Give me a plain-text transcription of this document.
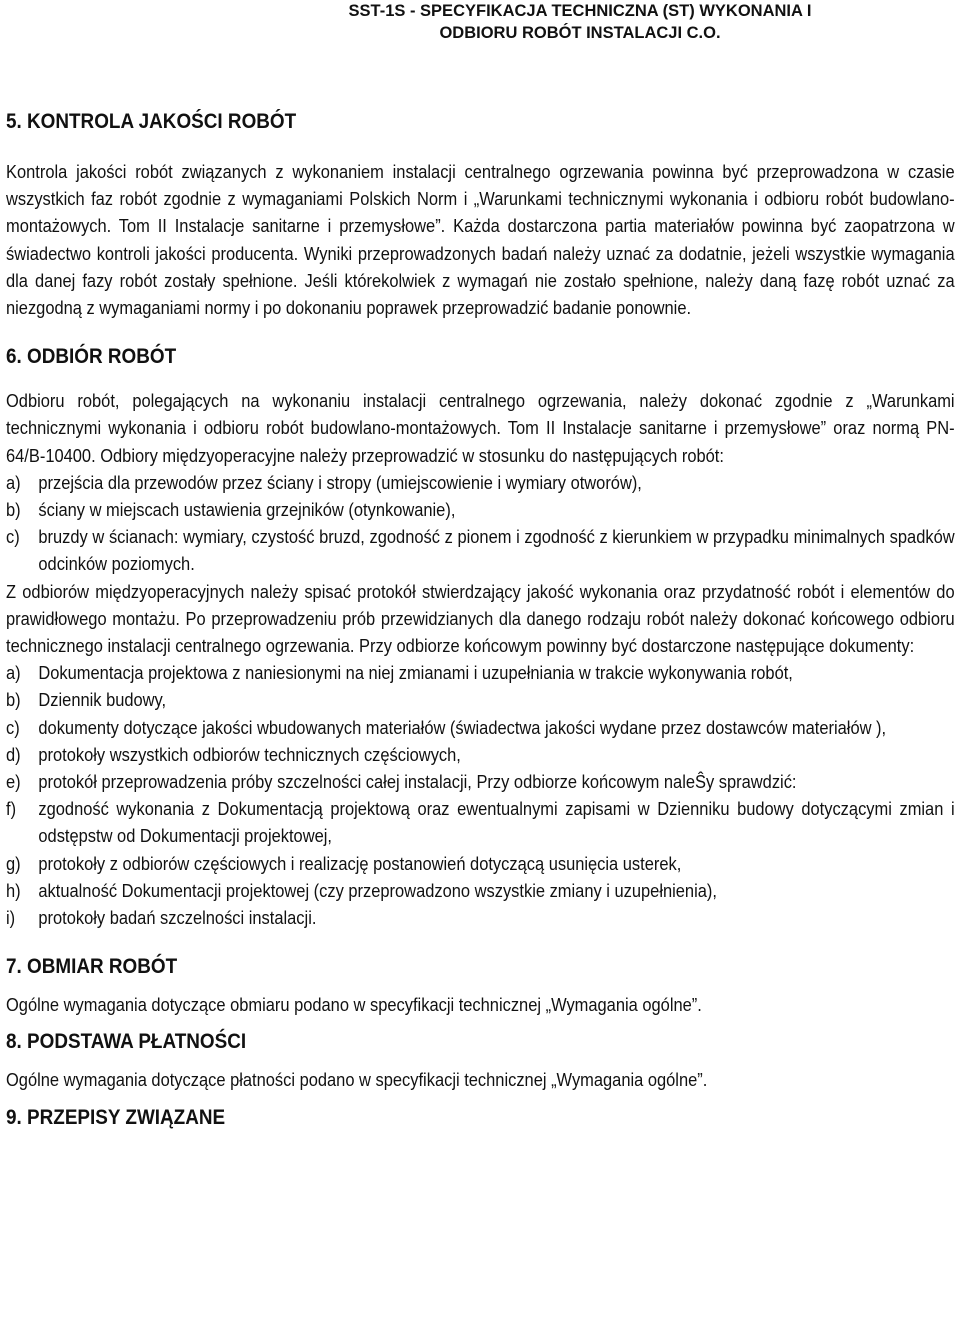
SST-1S - SPECYFIKACJA TECHNICZNA (ST) WYKONANIA I
ODBIORU ROBÓT INSTALACJI C.O.
5. KONTROLA JAKOŚCI ROBÓT

Kontrola jakości robót związanych z wykonaniem instalacji centralnego ogrzewania powinna być przeprowadzona w czasie wszystkich faz robót zgodnie z wymaganiami Polskich Norm i „Warunkami technicznymi wykonania i odbioru robót budowlano-montażowych. Tom II Instalacje sanitarne i przemysłowe”. Każda dostarczona partia materiałów powinna być zaopatrzona w świadectwo kontroli jakości producenta. Wyniki przeprowadzonych badań należy uznać za dodatnie, jeżeli wszystkie wymagania dla danej fazy robót zostały spełnione. Jeśli którekolwiek z wymagań nie zostało spełnione, należy daną fazę robót uznać za niezgodną z wymaganiami normy i po dokonaniu poprawek przeprowadzić badanie ponownie.

6. ODBIÓR ROBÓT

Odbioru robót, polegających na wykonaniu instalacji centralnego ogrzewania, należy dokonać zgodnie z „Warunkami technicznymi wykonania i odbioru robót budowlano-montażowych. Tom II Instalacje sanitarne i przemysłowe” oraz normą PN-64/B-10400. Odbiory międzyoperacyjne należy przeprowadzić w stosunku do następujących robót:

a) przejścia dla przewodów przez ściany i stropy (umiejscowienie i wymiary otworów),
b) ściany w miejscach ustawienia grzejników (otynkowanie),
c)	bruzdy w ścianach: wymiary, czystość bruzd, zgodność z pionem i zgodność z kierunkiem w przypadku minimalnych spadków odcinków poziomych.

Z odbiorów międzyoperacyjnych należy spisać protokół stwierdzający jakość wykonania oraz przydatność robót i elementów do prawidłowego montażu. Po przeprowadzeniu prób przewidzianych dla danego rodzaju robót należy dokonać końcowego odbioru technicznego instalacji centralnego ogrzewania. Przy odbiorze końcowym powinny być dostarczone następujące dokumenty:

a) Dokumentacja projektowa z naniesionymi na niej zmianami i uzupełniania w trakcie wykonywania robót,
b) Dziennik budowy,
c)	dokumenty dotyczące jakości wbudowanych materiałów (świadectwa jakości wydane przez dostawców materiałów ),
d) protokoły wszystkich odbiorów technicznych częściowych,
e) protokół przeprowadzenia próby szczelności całej instalacji, Przy odbiorze końcowym naleŜy sprawdzić:
f)	zgodność wykonania z Dokumentacją projektową oraz ewentualnymi zapisami w Dzienniku budowy dotyczącymi zmian i odstępstw od Dokumentacji projektowej,
g) protokoły z odbiorów częściowych i realizację postanowień dotyczącą usunięcia usterek,
h) aktualność Dokumentacji projektowej (czy przeprowadzono wszystkie zmiany i uzupełnienia),
i)	protokoły badań szczelności instalacji.
7. OBMIAR ROBÓT

Ogólne wymagania dotyczące obmiaru podano w specyfikacji technicznej „Wymagania ogólne”.

8. PODSTAWA PŁATNOŚCI

Ogólne wymagania dotyczące płatności podano w specyfikacji technicznej „Wymagania ogólne”.

9. PRZEPISY ZWIĄZANE
